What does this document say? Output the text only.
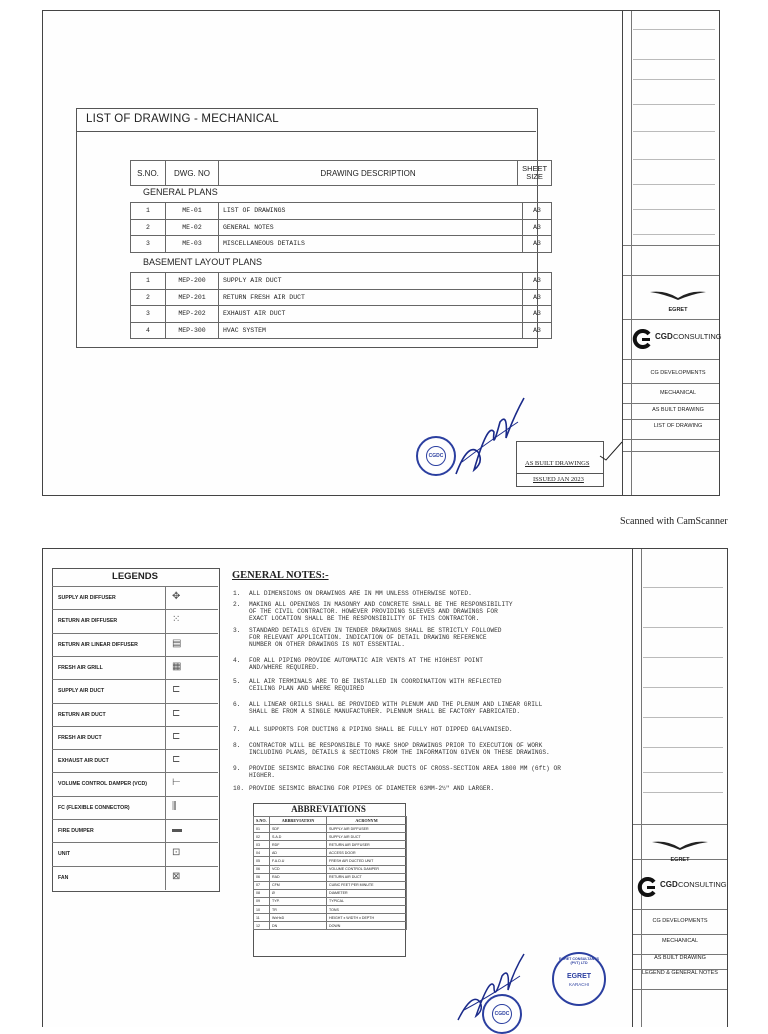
EGRET
CGD CONSULTING
CG DEVELOPMENTS
MECHANICAL
AS BUILT DRAWING
LIST OF DRAWING
LIST OF DRAWING - MECHANICAL
S.NO.	DWG. NO	DRAWING DESCRIPTION	SHEET SIZE
GENERAL PLANS
1	ME-01	LIST OF DRAWINGS	A3
2	ME-02	GENERAL NOTES	A3
3	ME-03	MISCELLANEOUS DETAILS	A3
BASEMENT LAYOUT PLANS
1	MEP-200	SUPPLY AIR DUCT	A3
2	MEP-201	RETURN FRESH AIR DUCT	A3
3	MEP-202	EXHAUST AIR DUCT	A3
4	MEP-300	HVAC SYSTEM	A3
CGDC
AS BUILT DRAWINGS
ISSUED JAN 2023
Scanned with CamScanner
EGRET
CGD CONSULTING
CG DEVELOPMENTS
MECHANICAL
AS BUILT DRAWING
LEGEND & GENERAL NOTES
LEGENDS
SUPPLY AIR DIFFUSER	✥
RETURN AIR DIFFUSER	⁙
RETURN AIR LINEAR DIFFUSER	▤
FRESH AIR GRILL	▦
SUPPLY AIR DUCT	⊏
RETURN AIR DUCT	⊏
FRESH AIR DUCT	⊏
EXHAUST AIR DUCT	⊏
VOLUME CONTROL DAMPER (VCD)	⊢
FC (FLEXIBLE CONNECTOR)	⫼
FIRE DUMPER	▬
UNIT	⊡
FAN	⊠
GENERAL NOTES:-
1. ALL DIMENSIONS ON DRAWINGS ARE IN MM UNLESS OTHERWISE NOTED.
2. MAKING ALL OPENINGS IN MASONRY AND CONCRETE SHALL BE THE RESPONSIBILITY
OF THE CIVIL CONTRACTOR. HOWEVER PROVIDING SLEEVES AND DRAWINGS FOR
EXACT LOCATION SHALL BE THE RESPONSIBILITY OF THIS CONTRACTOR.
3. STANDARD DETAILS GIVEN IN TENDER DRAWINGS SHALL BE STRICTLY FOLLOWED
FOR RELEVANT APPLICATION. INDICATION OF DETAIL DRAWING REFERENCE
NUMBER ON OTHER DRAWINGS IS NOT ESSENTIAL.
4. FOR ALL PIPING PROVIDE AUTOMATIC AIR VENTS AT THE HIGHEST POINT
AND/WHERE REQUIRED.
5. ALL AIR TERMINALS ARE TO BE INSTALLED IN COORDINATION WITH REFLECTED
CEILING PLAN AND WHERE REQUIRED
6. ALL LINEAR GRILLS SHALL BE PROVIDED WITH PLENUM AND THE PLENUM AND LINEAR GRILL
SHALL BE FROM A SINGLE MANUFACTURER. PLENNUM SHALL BE FACTORY FABRICATED.
7. ALL SUPPORTS FOR DUCTING & PIPING SHALL BE FULLY HOT DIPPED GALVANISED.
8. CONTRACTOR WILL BE RESPONSIBLE TO MAKE SHOP DRAWINGS PRIOR TO EXECUTION OF WORK
INCLUDING PLANS, DETAILS & SECTIONS FROM THE INFORMATION GIVEN ON THESE DRAWINGS.
9. PROVIDE SEISMIC BRACING FOR RECTANGULAR DUCTS OF CROSS-SECTION AREA 1800 MM (6ft) OR
HIGHER.
10. PROVIDE SEISMIC BRACING FOR PIPES OF DIAMETER 63MM-2½" AND LARGER.
ABBREVIATIONS
S.NO.	ABBREVIATION	ACRONYM
01	SDF	SUPPLY AIR DIFFUSER
02	S.A.D	SUPPLY AIR DUCT
03	RDF	RETURN AIR DIFFUSER
04	AD	ACCESS DOOR
05	F.A.D.U	FRESH AIR DUCTED UNIT
06	VCD	VOLUME CONTROL DAMPER
06	RAD	RETURN AIR DUCT
07	CFM	CUBIC FEET PER MINUTE
08	Ø	DIAMETER
09	TYP.	TYPICAL
10	TR	TONS
11	WxHxD	HEIGHT x WIDTH x DEPTH
12	DN	DOWN
CGDC
EGRET CONSULTANTS (PVT) LTD
EGRET
KARACHI
